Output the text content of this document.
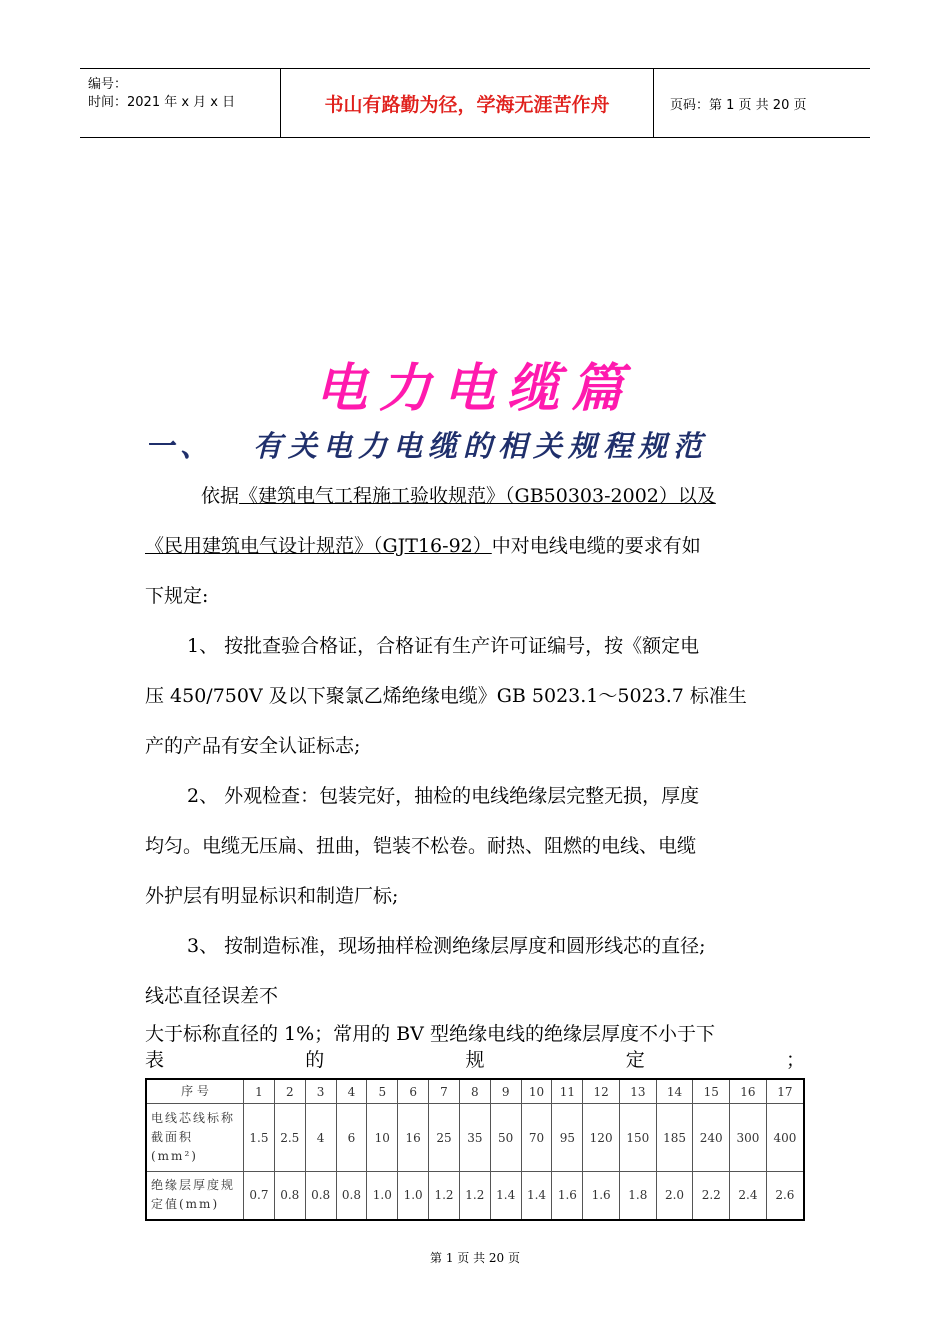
编号：
时间：2021 年 x 月 x 日	书山有路勤为径，学海无涯苦作舟	页码：第 1 页 共 20 页
电力电缆篇
一、 有关电力电缆的相关规程规范
依据《建筑电气工程施工验收规范》（GB50303-2002）以及
《民用建筑电气设计规范》（GJT16-92）中对电线电缆的要求有如
下规定:
1、 按批查验合格证，合格证有生产许可证编号，按《额定电
压 450/750V 及以下聚氯乙烯绝缘电缆》GB 5023.1～5023.7 标准生
产的产品有安全认证标志;
2、 外观检查：包装完好，抽检的电线绝缘层完整无损，厚度
均匀。电缆无压扁、扭曲，铠装不松卷。耐热、阻燃的电线、电缆
外护层有明显标识和制造厂标;
3、 按制造标准，现场抽样检测绝缘层厚度和圆形线芯的直径;
线芯直径误差不
大于标称直径的 1%；常用的 BV 型绝缘电线的绝缘层厚度不小于下
表	的	规	定	；
序 号	1	2	3	4	5	6	7	8	9	10	11	12	13	14	15	16	17
电线芯线标称截面积(mm²)	1.5	2.5	4	6	10	16	25	35	50	70	95	120	150	185	240	300	400
绝缘层厚度规定值(mm)	0.7	0.8	0.8	0.8	1.0	1.0	1.2	1.2	1.4	1.4	1.6	1.6	1.8	2.0	2.2	2.4	2.6
第 1 页 共 20 页
